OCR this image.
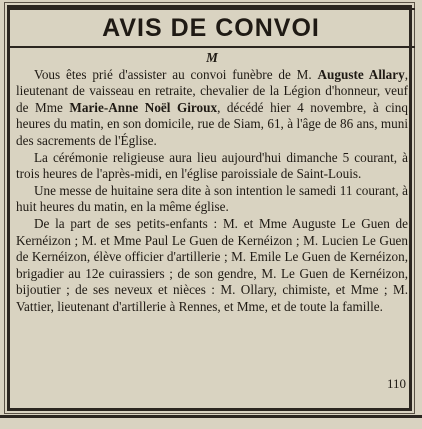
AVIS DE CONVOI

M

Vous êtes prié d'assister au convoi funèbre de M. Auguste Allary, lieutenant de vaisseau en retraite, chevalier de la Légion d'honneur, veuf de Mme Marie-Anne Noël Giroux, décédé hier 4 novembre, à cinq heures du matin, en son domicile, rue de Siam, 61, à l'âge de 86 ans, muni des sacrements de l'Église.

La cérémonie religieuse aura lieu aujourd'hui dimanche 5 courant, à trois heures de l'après-midi, en l'église paroissiale de Saint-Louis.

Une messe de huitaine sera dite à son intention le samedi 11 courant, à huit heures du matin, en la même église.

De la part de ses petits-enfants : M. et Mme Auguste Le Guen de Kernéizon ; M. et Mme Paul Le Guen de Kernéizon ; M. Lucien Le Guen de Kernéizon, élève officier d'artillerie ; M. Emile Le Guen de Kernéizon, brigadier au 12e cuirassiers ; de son gendre, M. Le Guen de Kernéizon, bijoutier ; de ses neveux et nièces : M. Ollary, chimiste, et Mme ; M. Vattier, lieutenant d'artillerie à Rennes, et Mme, et de toute la famille.

110
